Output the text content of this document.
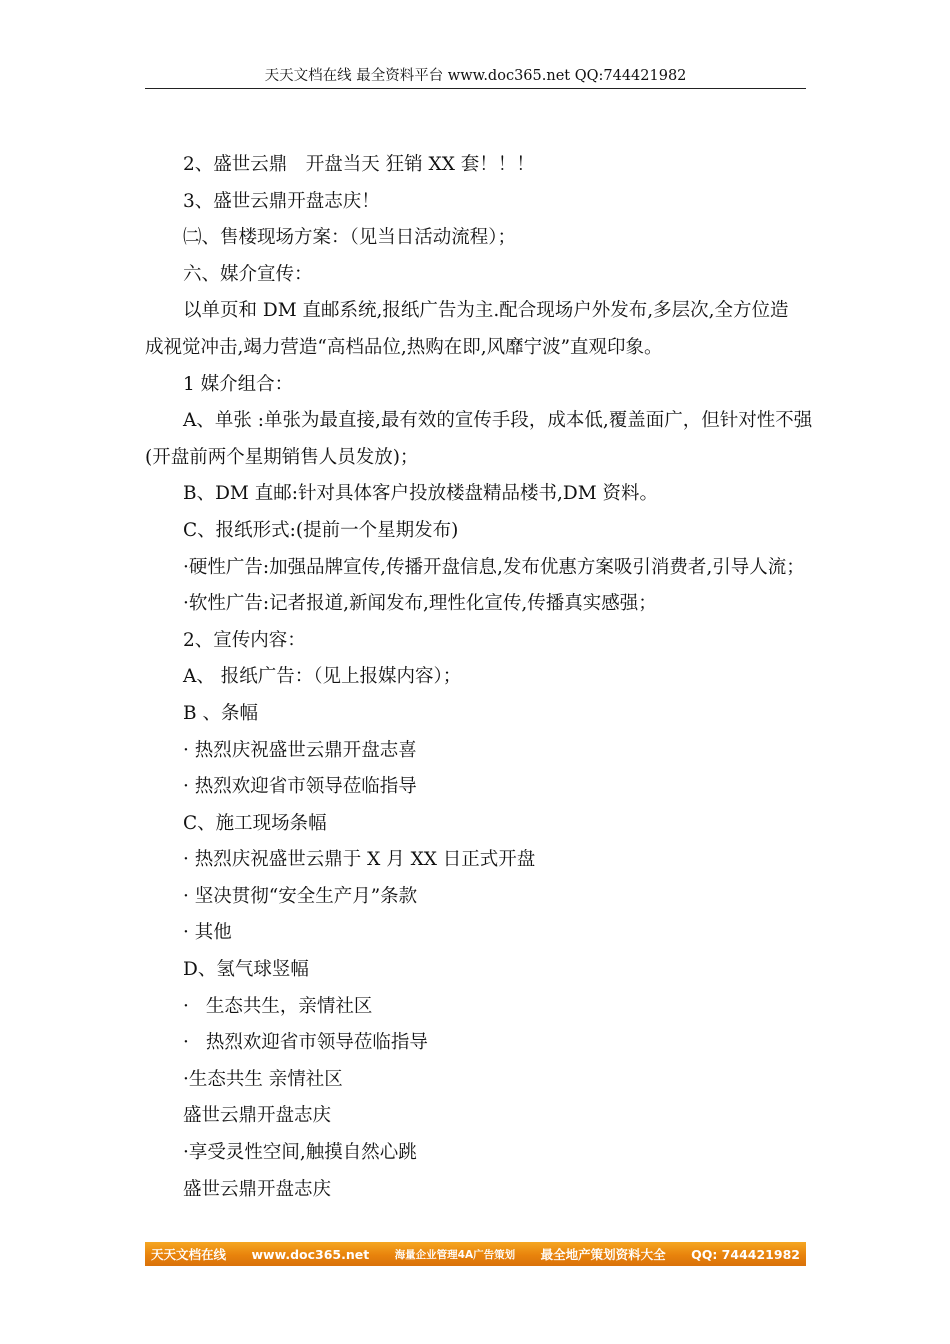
天天文档在线 最全资料平台 www.doc365.net QQ:744421982
2、盛世云鼎　开盘当天 狂销 XX 套！！！
3、盛世云鼎开盘志庆！
㈡、售楼现场方案：（见当日活动流程）；
六、媒介宣传：
以单页和 DM 直邮系统,报纸广告为主.配合现场户外发布,多层次,全方位造
成视觉冲击,竭力营造“高档品位,热购在即,风靡宁波”直观印象。
1 媒介组合：
A、单张 :单张为最直接,最有效的宣传手段，成本低,覆盖面广，但针对性不强
(开盘前两个星期销售人员发放)；
B、DM 直邮:针对具体客户投放楼盘精品楼书,DM 资料。
C、报纸形式:(提前一个星期发布)
·硬性广告:加强品牌宣传,传播开盘信息,发布优惠方案吸引消费者,引导人流；
·软性广告:记者报道,新闻发布,理性化宣传,传播真实感强；
2、宣传内容：
A、 报纸广告：（见上报媒内容）；
B 、条幅
· 热烈庆祝盛世云鼎开盘志喜
· 热烈欢迎省市领导莅临指导
C、施工现场条幅
· 热烈庆祝盛世云鼎于 X 月 XX 日正式开盘
· 坚决贯彻“安全生产月”条款
· 其他
D、氢气球竖幅
· 生态共生，亲情社区
· 热烈欢迎省市领导莅临指导
·生态共生 亲情社区
盛世云鼎开盘志庆
·享受灵性空间,触摸自然心跳
盛世云鼎开盘志庆
天天文档在线 www.doc365.net 海量企业管理4A广告策划 最全地产策划资料大全 QQ: 744421982
